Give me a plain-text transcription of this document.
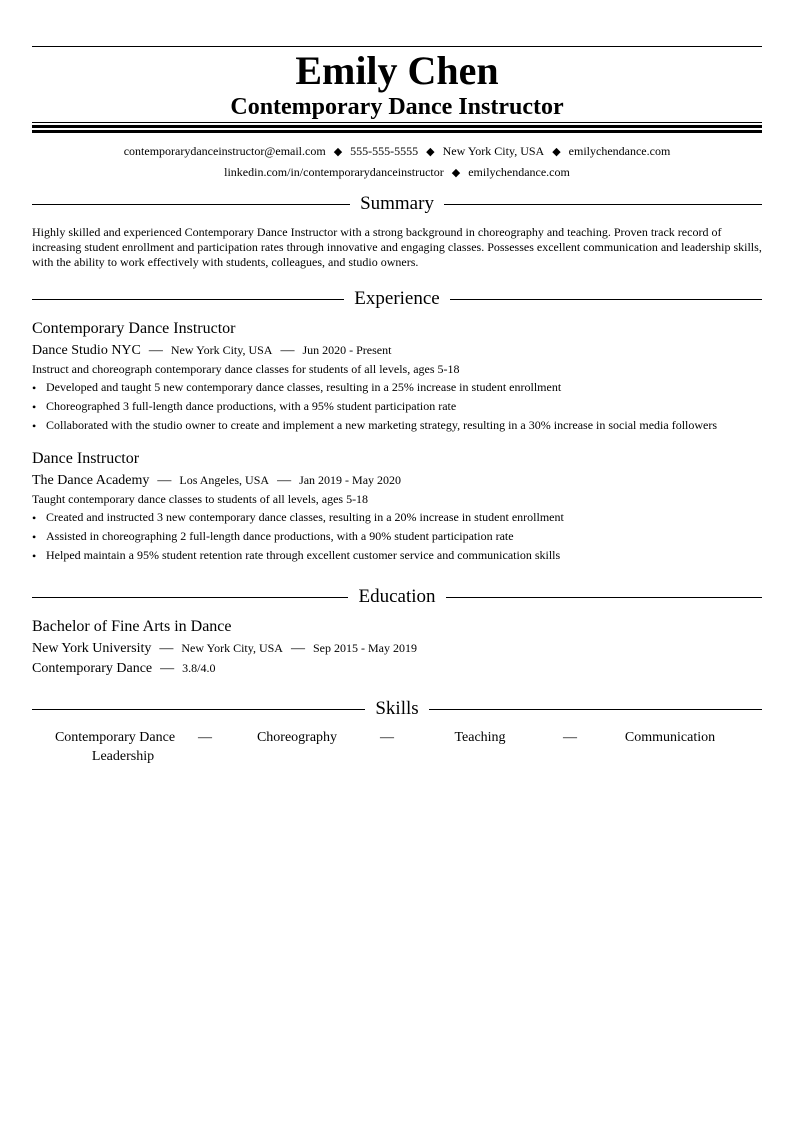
Emily Chen
Contemporary Dance Instructor
contemporarydanceinstructor@email.com ◆ 555-555-5555 ◆ New York City, USA ◆ emilychendance.com
linkedin.com/in/contemporarydanceinstructor ◆ emilychendance.com
Summary
Highly skilled and experienced Contemporary Dance Instructor with a strong background in choreography and teaching. Proven track record of increasing student enrollment and participation rates through innovative and engaging classes. Possesses excellent communication and leadership skills, with the ability to work effectively with students, colleagues, and studio owners.
Experience
Contemporary Dance Instructor
Dance Studio NYC — New York City, USA — Jun 2020 - Present
Instruct and choreograph contemporary dance classes for students of all levels, ages 5-18
• Developed and taught 5 new contemporary dance classes, resulting in a 25% increase in student enrollment
• Choreographed 3 full-length dance productions, with a 95% student participation rate
• Collaborated with the studio owner to create and implement a new marketing strategy, resulting in a 30% increase in social media followers
Dance Instructor
The Dance Academy — Los Angeles, USA — Jan 2019 - May 2020
Taught contemporary dance classes to students of all levels, ages 5-18
• Created and instructed 3 new contemporary dance classes, resulting in a 20% increase in student enrollment
• Assisted in choreographing 2 full-length dance productions, with a 90% student participation rate
• Helped maintain a 95% student retention rate through excellent customer service and communication skills
Education
Bachelor of Fine Arts in Dance
New York University — New York City, USA — Sep 2015 - May 2019
Contemporary Dance — 3.8/4.0
Skills
Contemporary Dance	—	Choreography	—	Teaching	—	Communication
Leadership
